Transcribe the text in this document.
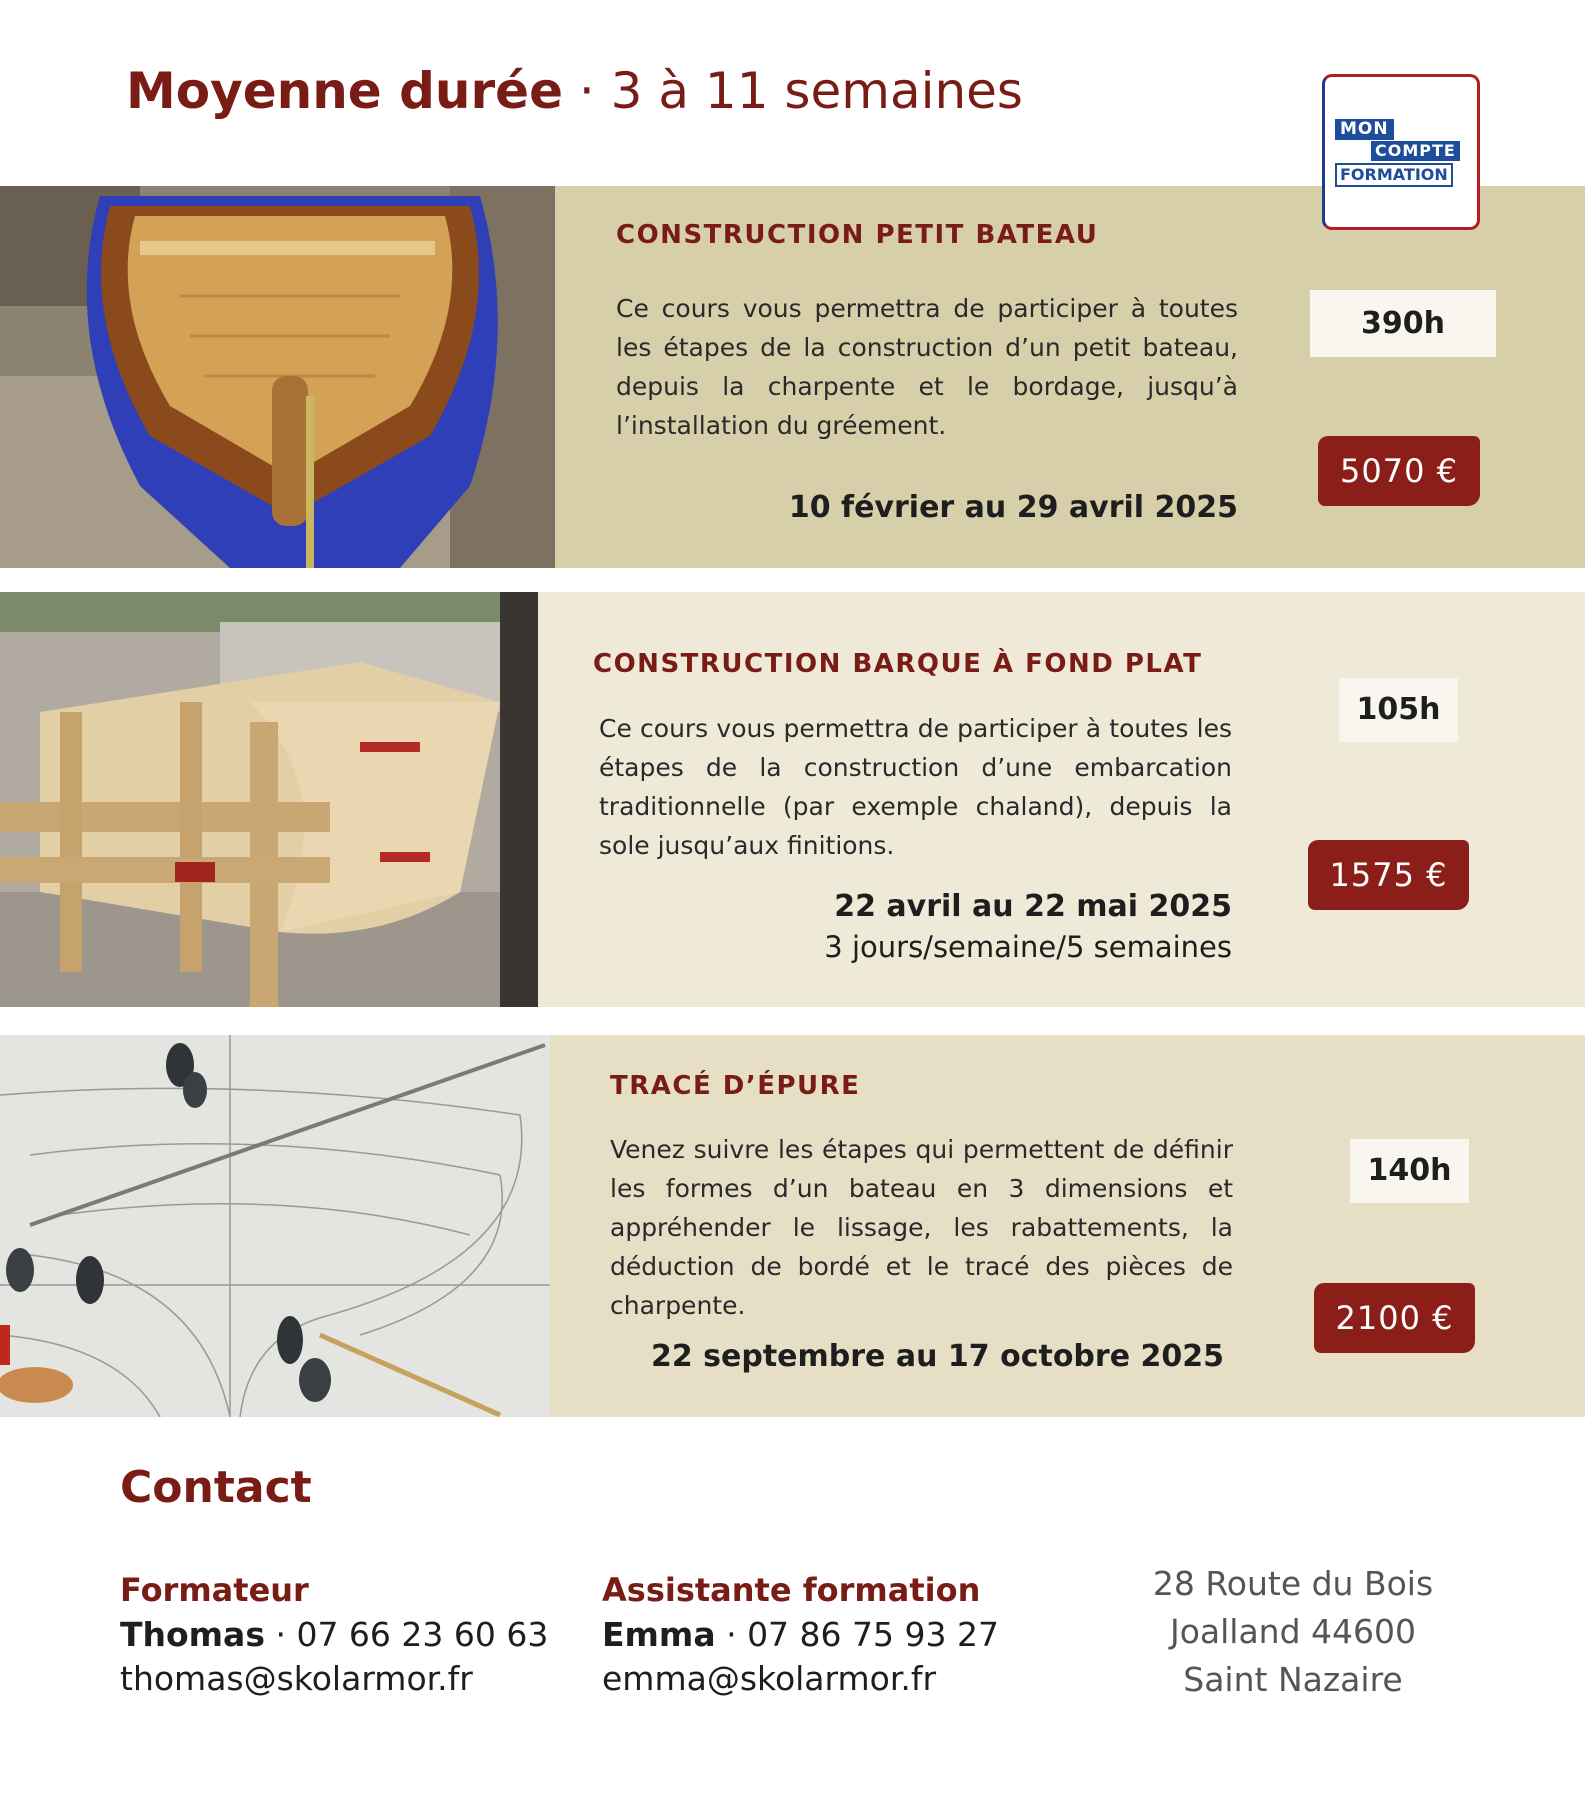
Moyenne durée · 3 à 11 semaines
CONSTRUCTION PETIT BATEAU
Ce cours vous permettra de participer à toutes les étapes de la construction d’un petit bateau, depuis la charpente et le bordage, jusqu’à l’installation du gréement.
10 février au 29 avril 2025
390h
5070 €
MON
COMPTE
FORMATION
CONSTRUCTION BARQUE À FOND PLAT
Ce cours vous permettra de participer à toutes les étapes de la construction d’une embarcation traditionnelle (par exemple chaland), depuis la sole jusqu’aux finitions.
22 avril au 22 mai 2025
3 jours/semaine/5 semaines
105h
1575 €
TRACÉ D’ÉPURE
Venez suivre les étapes qui permettent de définir les formes d’un bateau en 3 dimensions et appréhender le lissage, les rabattements, la déduction de bordé et le tracé des pièces de charpente.
22 septembre au 17 octobre 2025
140h
2100 €
Contact
Formateur
Thomas · 07 66 23 60 63
thomas@skolarmor.fr
Assistante formation
Emma · 07 86 75 93 27
emma@skolarmor.fr
28 Route du Bois
Joalland 44600
Saint Nazaire
